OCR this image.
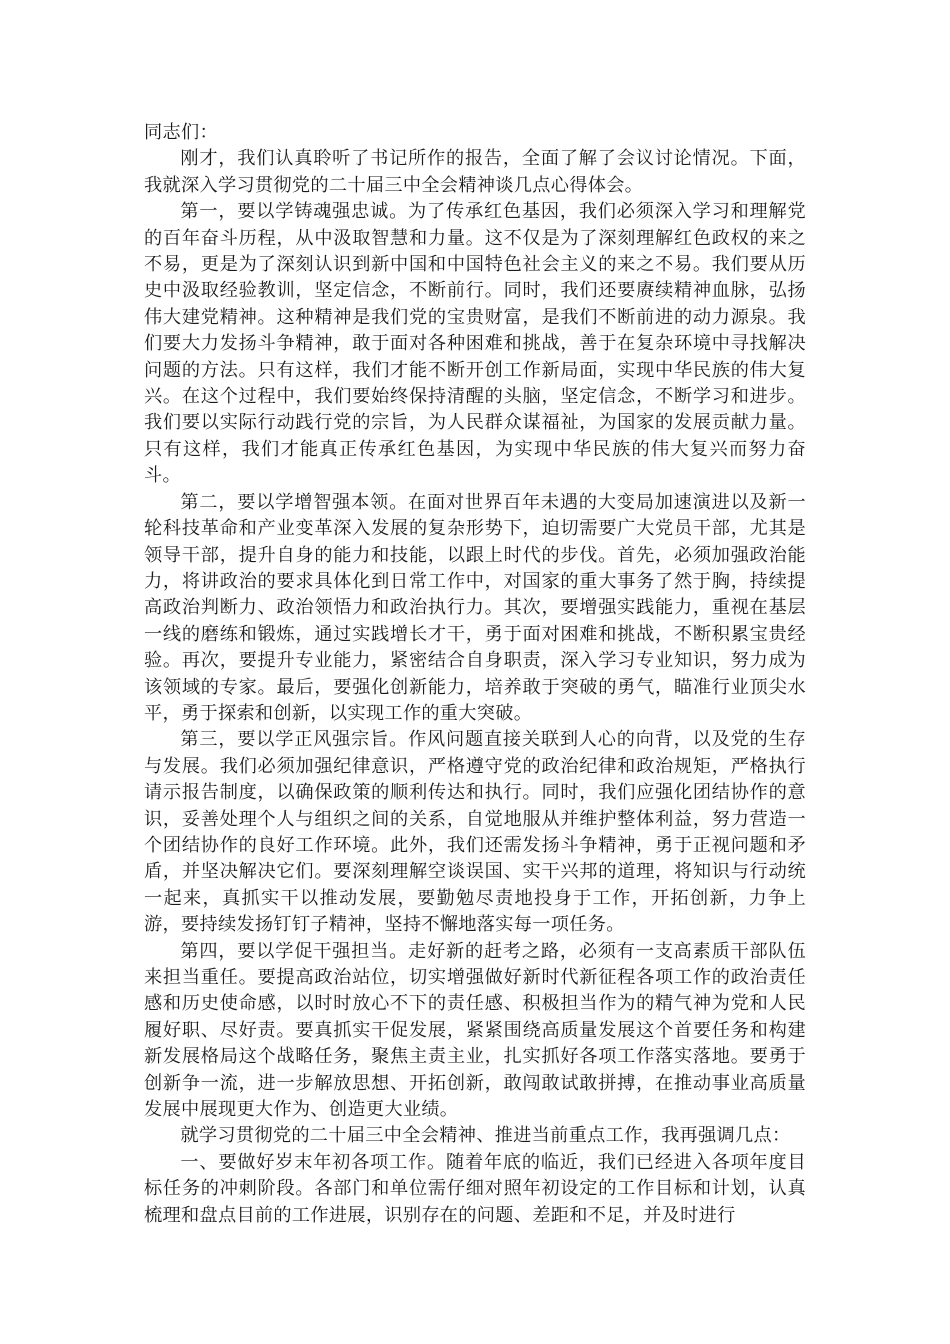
同志们：

刚才，我们认真聆听了书记所作的报告，全面了解了会议讨论情况。下面，我就深入学习贯彻党的二十届三中全会精神谈几点心得体会。

第一，要以学铸魂强忠诚。为了传承红色基因，我们必须深入学习和理解党的百年奋斗历程，从中汲取智慧和力量。这不仅是为了深刻理解红色政权的来之不易，更是为了深刻认识到新中国和中国特色社会主义的来之不易。我们要从历史中汲取经验教训，坚定信念，不断前行。同时，我们还要赓续精神血脉，弘扬伟大建党精神。这种精神是我们党的宝贵财富，是我们不断前进的动力源泉。我们要大力发扬斗争精神，敢于面对各种困难和挑战，善于在复杂环境中寻找解决问题的方法。只有这样，我们才能不断开创工作新局面，实现中华民族的伟大复兴。在这个过程中，我们要始终保持清醒的头脑，坚定信念，不断学习和进步。我们要以实际行动践行党的宗旨，为人民群众谋福祉，为国家的发展贡献力量。只有这样，我们才能真正传承红色基因，为实现中华民族的伟大复兴而努力奋斗。

第二，要以学增智强本领。在面对世界百年未遇的大变局加速演进以及新一轮科技革命和产业变革深入发展的复杂形势下，迫切需要广大党员干部，尤其是领导干部，提升自身的能力和技能，以跟上时代的步伐。首先，必须加强政治能力，将讲政治的要求具体化到日常工作中，对国家的重大事务了然于胸，持续提高政治判断力、政治领悟力和政治执行力。其次，要增强实践能力，重视在基层一线的磨练和锻炼，通过实践增长才干，勇于面对困难和挑战，不断积累宝贵经验。再次，要提升专业能力，紧密结合自身职责，深入学习专业知识，努力成为该领域的专家。最后，要强化创新能力，培养敢于突破的勇气，瞄准行业顶尖水平，勇于探索和创新，以实现工作的重大突破。

第三，要以学正风强宗旨。作风问题直接关联到人心的向背，以及党的生存与发展。我们必须加强纪律意识，严格遵守党的政治纪律和政治规矩，严格执行请示报告制度，以确保政策的顺利传达和执行。同时，我们应强化团结协作的意识，妥善处理个人与组织之间的关系，自觉地服从并维护整体利益，努力营造一个团结协作的良好工作环境。此外，我们还需发扬斗争精神，勇于正视问题和矛盾，并坚决解决它们。要深刻理解空谈误国、实干兴邦的道理，将知识与行动统一起来，真抓实干以推动发展，要勤勉尽责地投身于工作，开拓创新，力争上游，要持续发扬钉钉子精神，坚持不懈地落实每一项任务。

第四，要以学促干强担当。走好新的赶考之路，必须有一支高素质干部队伍来担当重任。要提高政治站位，切实增强做好新时代新征程各项工作的政治责任感和历史使命感，以时时放心不下的责任感、积极担当作为的精气神为党和人民履好职、尽好责。要真抓实干促发展，紧紧围绕高质量发展这个首要任务和构建新发展格局这个战略任务，聚焦主责主业，扎实抓好各项工作落实落地。要勇于创新争一流，进一步解放思想、开拓创新，敢闯敢试敢拼搏，在推动事业高质量发展中展现更大作为、创造更大业绩。

就学习贯彻党的二十届三中全会精神、推进当前重点工作，我再强调几点：

一、要做好岁末年初各项工作。随着年底的临近，我们已经进入各项年度目标任务的冲刺阶段。各部门和单位需仔细对照年初设定的工作目标和计划，认真梳理和盘点目前的工作进展，识别存在的问题、差距和不足，并及时进行
